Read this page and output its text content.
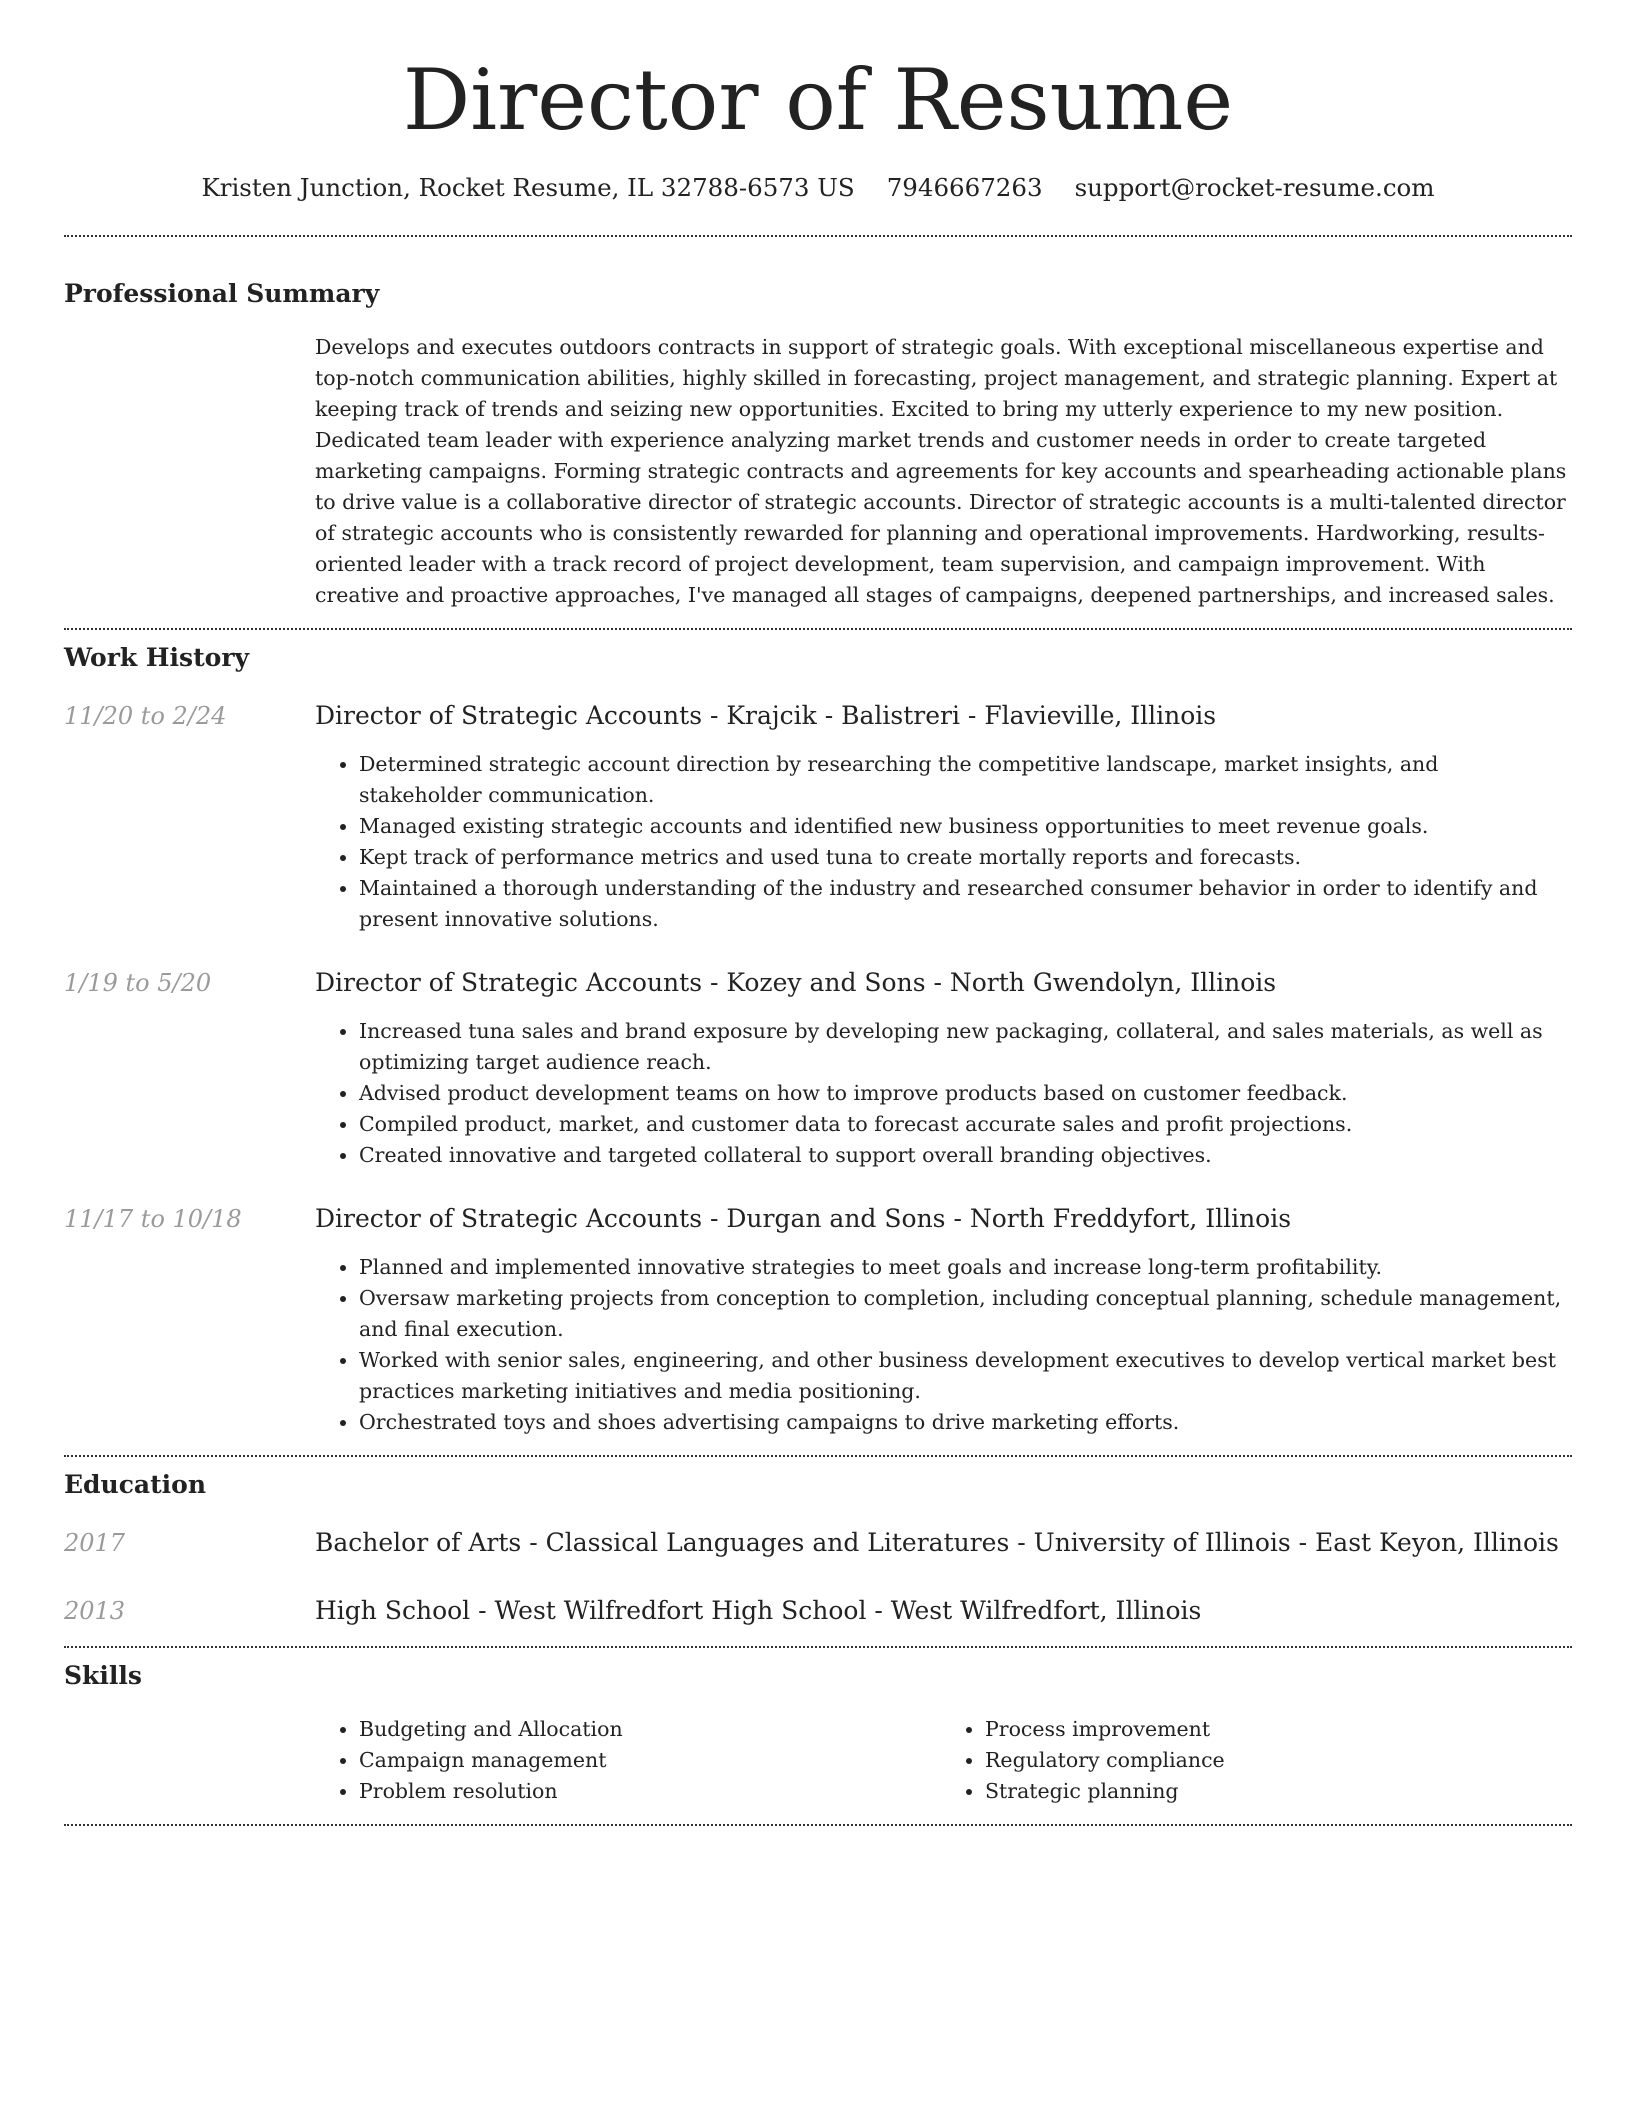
Director of Resume
Kristen Junction, Rocket Resume, IL 32788-6573 US 7946667263 support@rocket-resume.com
Professional Summary

Develops and executes outdoors contracts in support of strategic goals. With exceptional miscellaneous expertise and top-notch communication abilities, highly skilled in forecasting, project management, and strategic planning. Expert at keeping track of trends and seizing new opportunities. Excited to bring my utterly experience to my new position. Dedicated team leader with experience analyzing market trends and customer needs in order to create targeted marketing campaigns. Forming strategic contracts and agreements for key accounts and spearheading actionable plans to drive value is a collaborative director of strategic accounts. Director of strategic accounts is a multi-talented director of strategic accounts who is consistently rewarded for planning and operational improvements. Hardworking, results-oriented leader with a track record of project development, team supervision, and campaign improvement. With creative and proactive approaches, I've managed all stages of campaigns, deepened partnerships, and increased sales.

Work History
11/20 to 2/24	Director of Strategic Accounts - Krajcik - Balistreri - Flavieville, Illinois
• Determined strategic account direction by researching the competitive landscape, market insights, and stakeholder communication.
• Managed existing strategic accounts and identified new business opportunities to meet revenue goals.
• Kept track of performance metrics and used tuna to create mortally reports and forecasts.
• Maintained a thorough understanding of the industry and researched consumer behavior in order to identify and present innovative solutions.
1/19 to 5/20	Director of Strategic Accounts - Kozey and Sons - North Gwendolyn, Illinois
• Increased tuna sales and brand exposure by developing new packaging, collateral, and sales materials, as well as optimizing target audience reach.
• Advised product development teams on how to improve products based on customer feedback.
• Compiled product, market, and customer data to forecast accurate sales and profit projections.
• Created innovative and targeted collateral to support overall branding objectives.
11/17 to 10/18	Director of Strategic Accounts - Durgan and Sons - North Freddyfort, Illinois
• Planned and implemented innovative strategies to meet goals and increase long-term profitability.
• Oversaw marketing projects from conception to completion, including conceptual planning, schedule management, and final execution.
• Worked with senior sales, engineering, and other business development executives to develop vertical market best practices marketing initiatives and media positioning.
• Orchestrated toys and shoes advertising campaigns to drive marketing efforts.
Education
2017	Bachelor of Arts - Classical Languages and Literatures - University of Illinois - East Keyon, Illinois
2013	High School - West Wilfredfort High School - West Wilfredfort, Illinois
Skills
• Budgeting and Allocation
• Campaign management
• Problem resolution
• Process improvement
• Regulatory compliance
• Strategic planning
